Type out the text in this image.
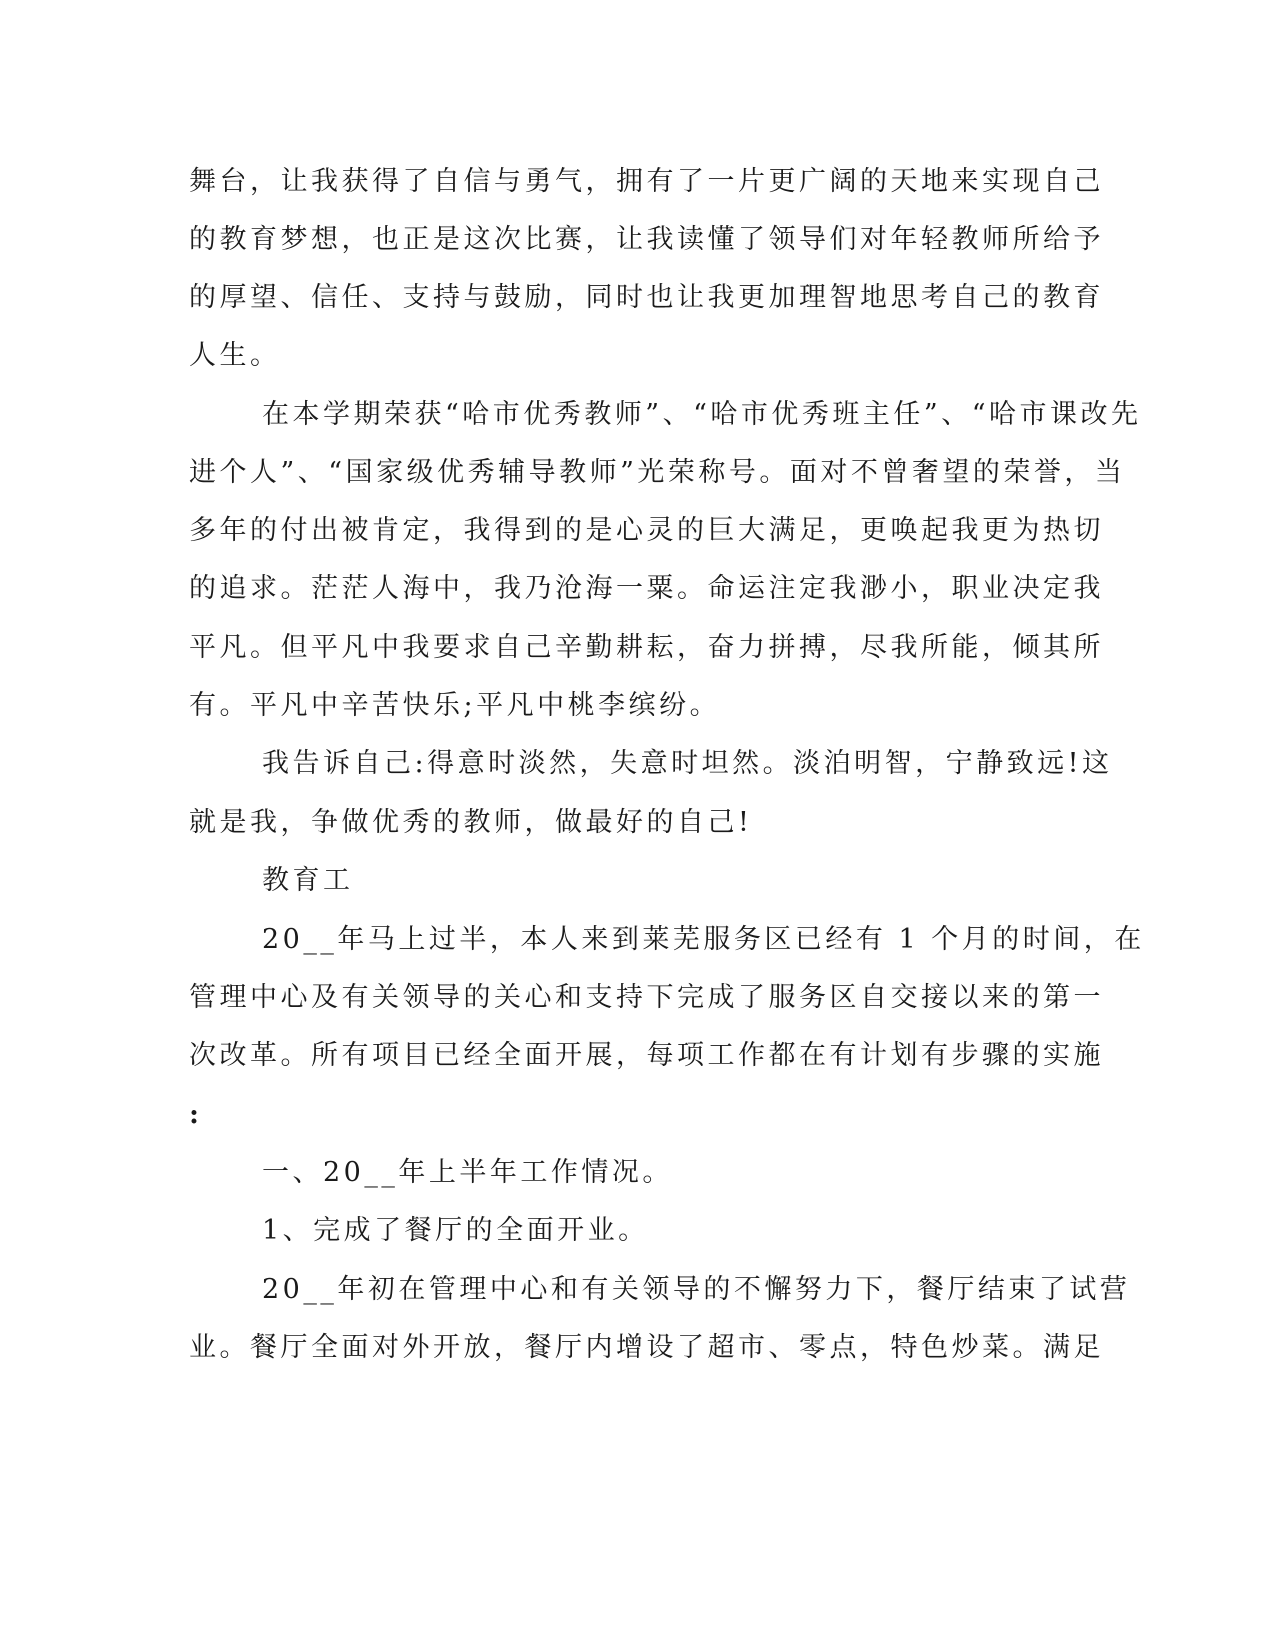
舞台，让我获得了自信与勇气，拥有了一片更广阔的天地来实现自己
的教育梦想，也正是这次比赛，让我读懂了领导们对年轻教师所给予
的厚望、信任、支持与鼓励，同时也让我更加理智地思考自己的教育
人生。
在本学期荣获“哈市优秀教师”、“哈市优秀班主任”、“哈市课改先
进个人”、“国家级优秀辅导教师”光荣称号。面对不曾奢望的荣誉，当
多年的付出被肯定，我得到的是心灵的巨大满足，更唤起我更为热切
的追求。茫茫人海中，我乃沧海一粟。命运注定我渺小，职业决定我
平凡。但平凡中我要求自己辛勤耕耘，奋力拼搏，尽我所能，倾其所
有。平凡中辛苦快乐;平凡中桃李缤纷。
我告诉自己:得意时淡然，失意时坦然。淡泊明智，宁静致远!这
就是我，争做优秀的教师，做最好的自己!
教育工
20__年马上过半，本人来到莱芜服务区已经有 1 个月的时间，在
管理中心及有关领导的关心和支持下完成了服务区自交接以来的第一
次改革。所有项目已经全面开展，每项工作都在有计划有步骤的实施
:
一、20__年上半年工作情况。
1、完成了餐厅的全面开业。
20__年初在管理中心和有关领导的不懈努力下，餐厅结束了试营
业。餐厅全面对外开放，餐厅内增设了超市、零点，特色炒菜。满足
